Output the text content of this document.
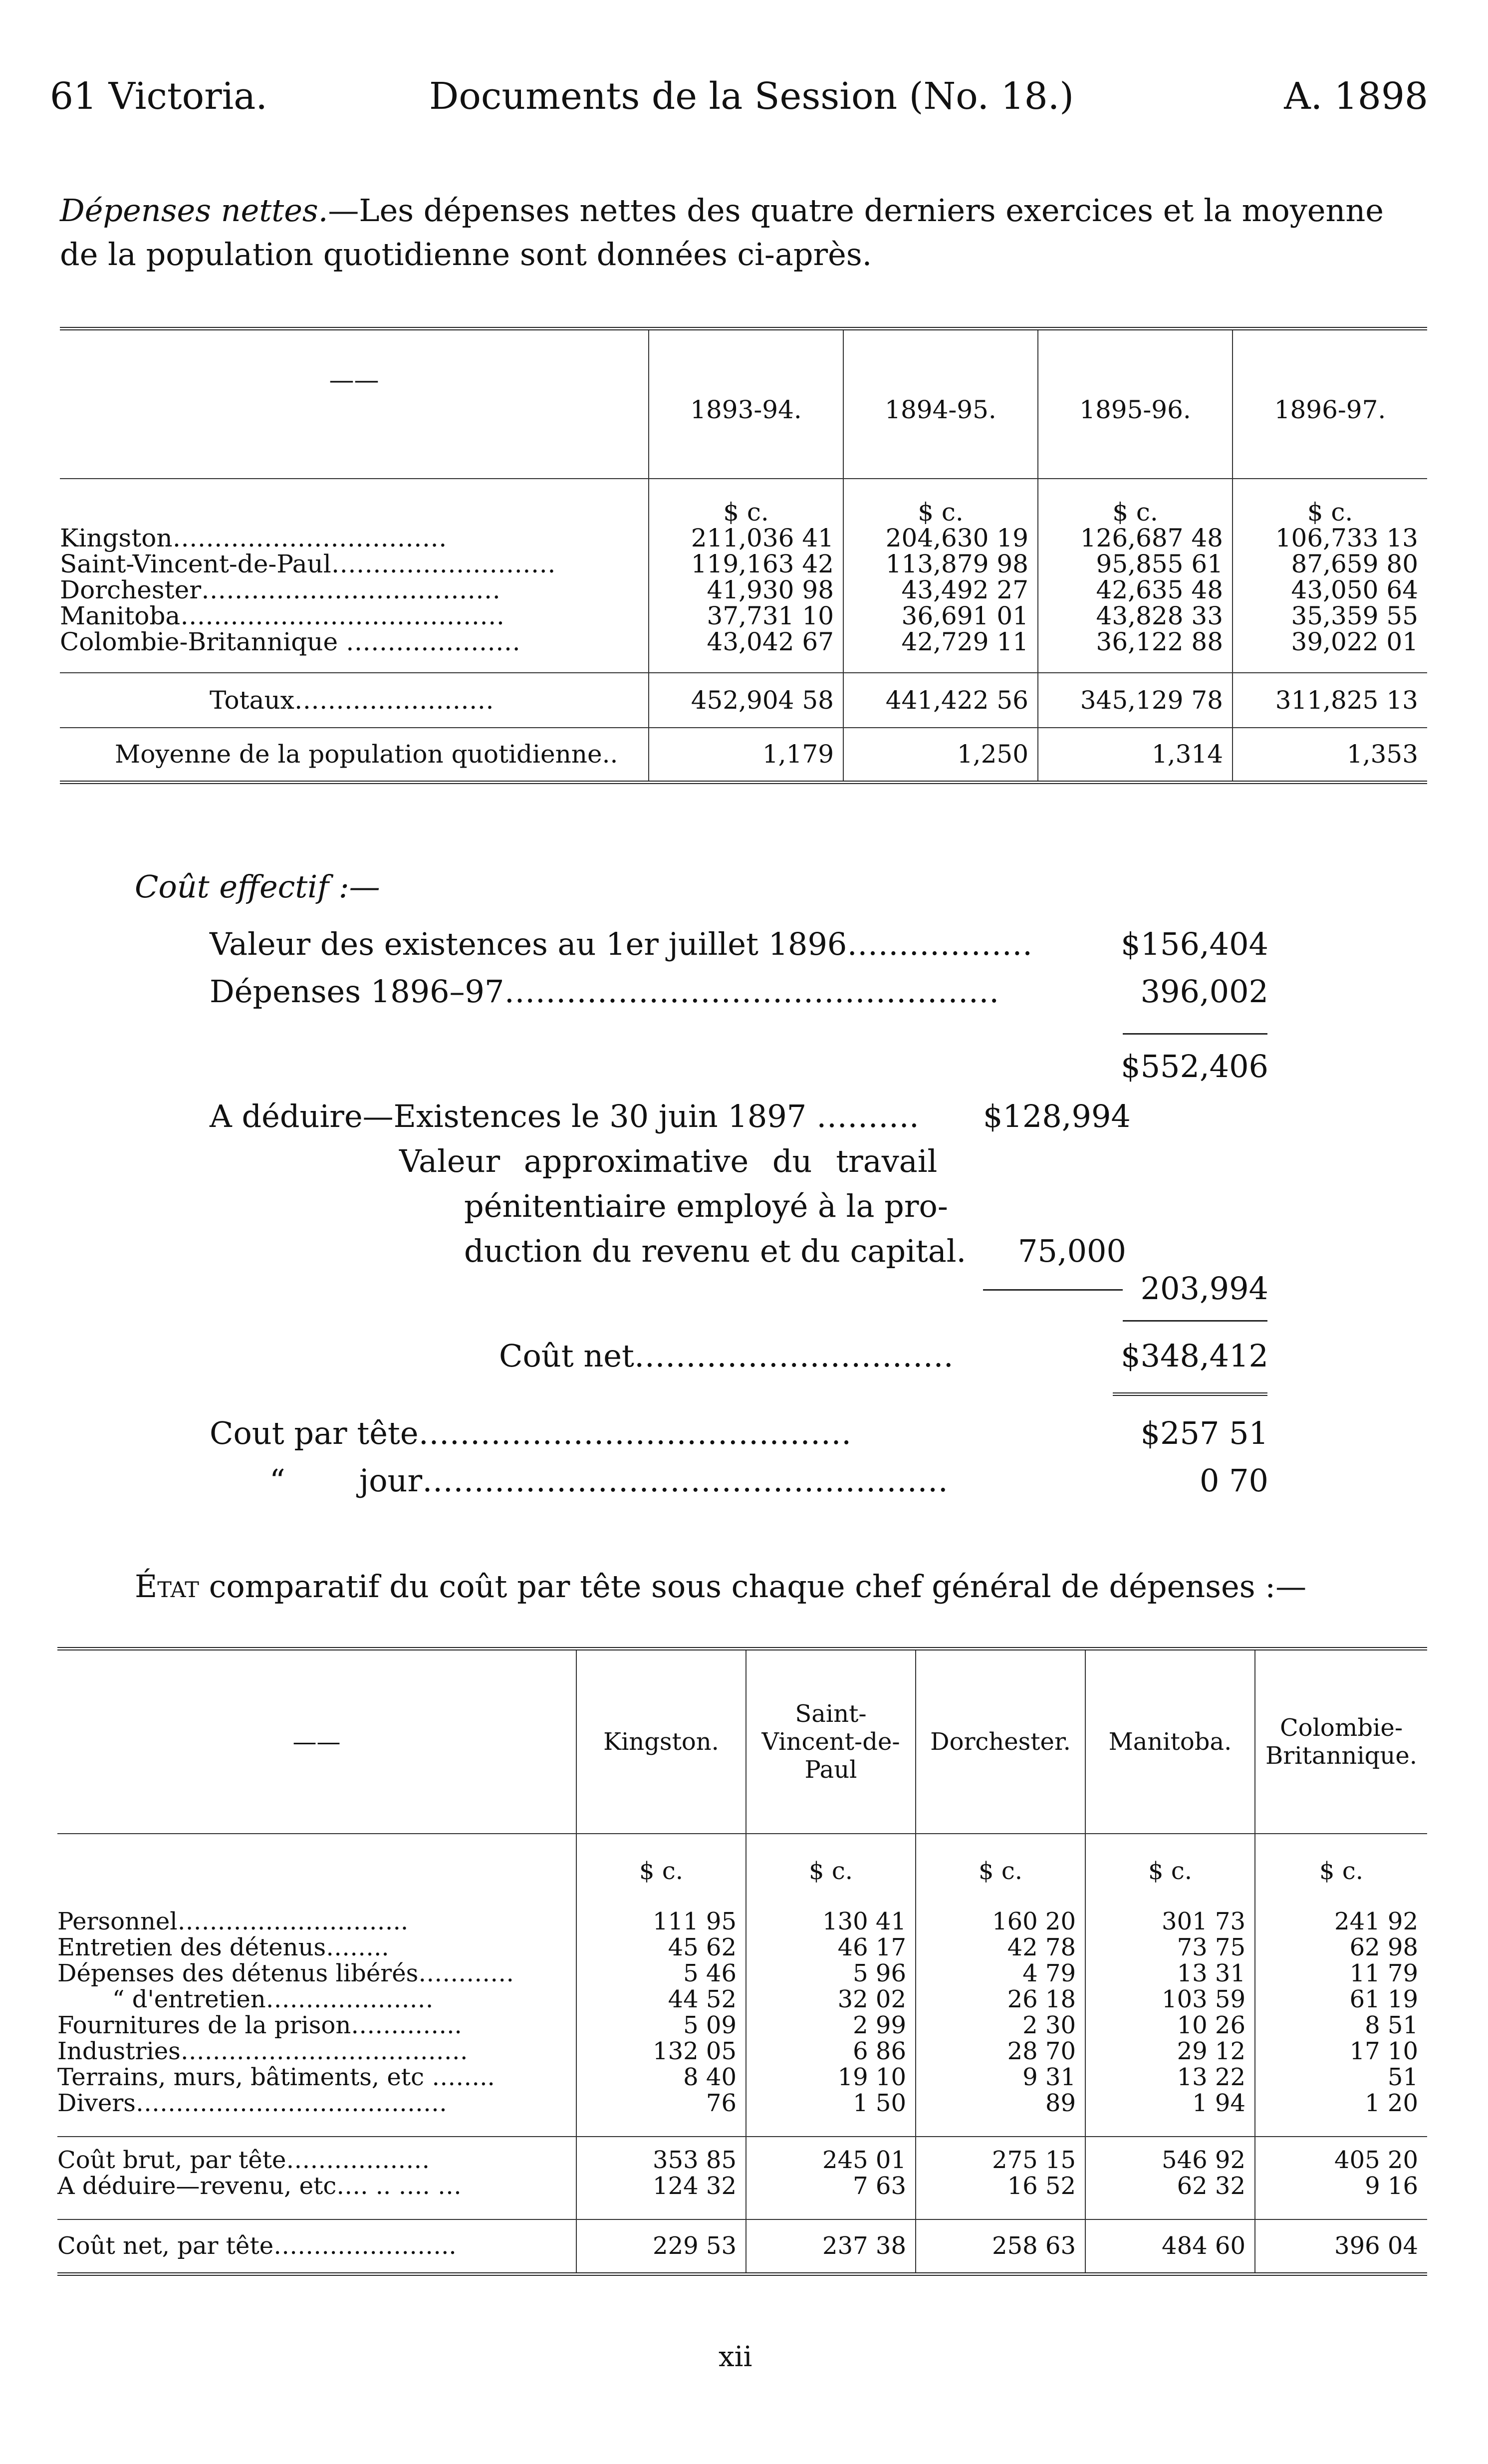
61 Victoria.	Documents de la Session (No. 18.)	A. 1898
Dépenses nettes.—Les dépenses nettes des quatre derniers exercices et la moyenne de la population quotidienne sont données ci-après.
——	1893-94.	1894-95.	1895-96.	1896-97.
	$ c.	$ c.	$ c.	$ c.
Kingston……………………………	211,036 41	204,630 19	126,687 48	106,733 13
Saint-Vincent-de-Paul………………………	119,163 42	113,879 98	95,855 61	87,659 80
Dorchester………………………………	41,930 98	43,492 27	42,635 48	43,050 64
Manitoba…………………………………	37,731 10	36,691 01	43,828 33	35,359 55
Colombie-Britannique …………………	43,042 67	42,729 11	36,122 88	39,022 01
Totaux……………………	452,904 58	441,422 56	345,129 78	311,825 13
Moyenne de la population quotidienne..	1,179	1,250	1,314	1,353
Coût effectif :—
Valeur des existences au 1er juillet 1896………………	$156,404
Dépenses 1896–97…………………………………………	396,002
$552,406
A déduire—Existences le 30 juin 1897 ………. $128,994
Valeur approximative du travail
pénitentiaire employé à la pro-
duction du revenu et du capital. 75,000
203,994
Coût net………………………….	$348,412
Cout par tête……………………………………	$257 51
“ jour……………………………………………	0 70
État comparatif du coût par tête sous chaque chef général de dépenses :—
——	Kingston.	Saint-Vincent-de-Paul	Dorchester.	Manitoba.	Colombie-Britannique.
	$ c.	$ c.	$ c.	$ c.	$ c.
Personnel………………………..	111 95	130 41	160 20	301 73	241 92
Entretien des détenus……..	45 62	46 17	42 78	73 75	62 98
Dépenses des détenus libérés…………	5 46	5 96	4 79	13 31	11 79
“ d'entretien…………………	44 52	32 02	26 18	103 59	61 19
Fournitures de la prison…………..	5 09	2 99	2 30	10 26	8 51
Industries………………………………	132 05	6 86	28 70	29 12	17 10
Terrains, murs, bâtiments, etc ……..	8 40	19 10	9 31	13 22	51
Divers…………………………………	76	1 50	89	1 94	1 20
Coût brut, par tête………………	353 85	245 01	275 15	546 92	405 20
A déduire—revenu, etc…. .. …. …	124 32	7 63	16 52	62 32	9 16
Coût net, par tête…………………..	229 53	237 38	258 63	484 60	396 04
xii
